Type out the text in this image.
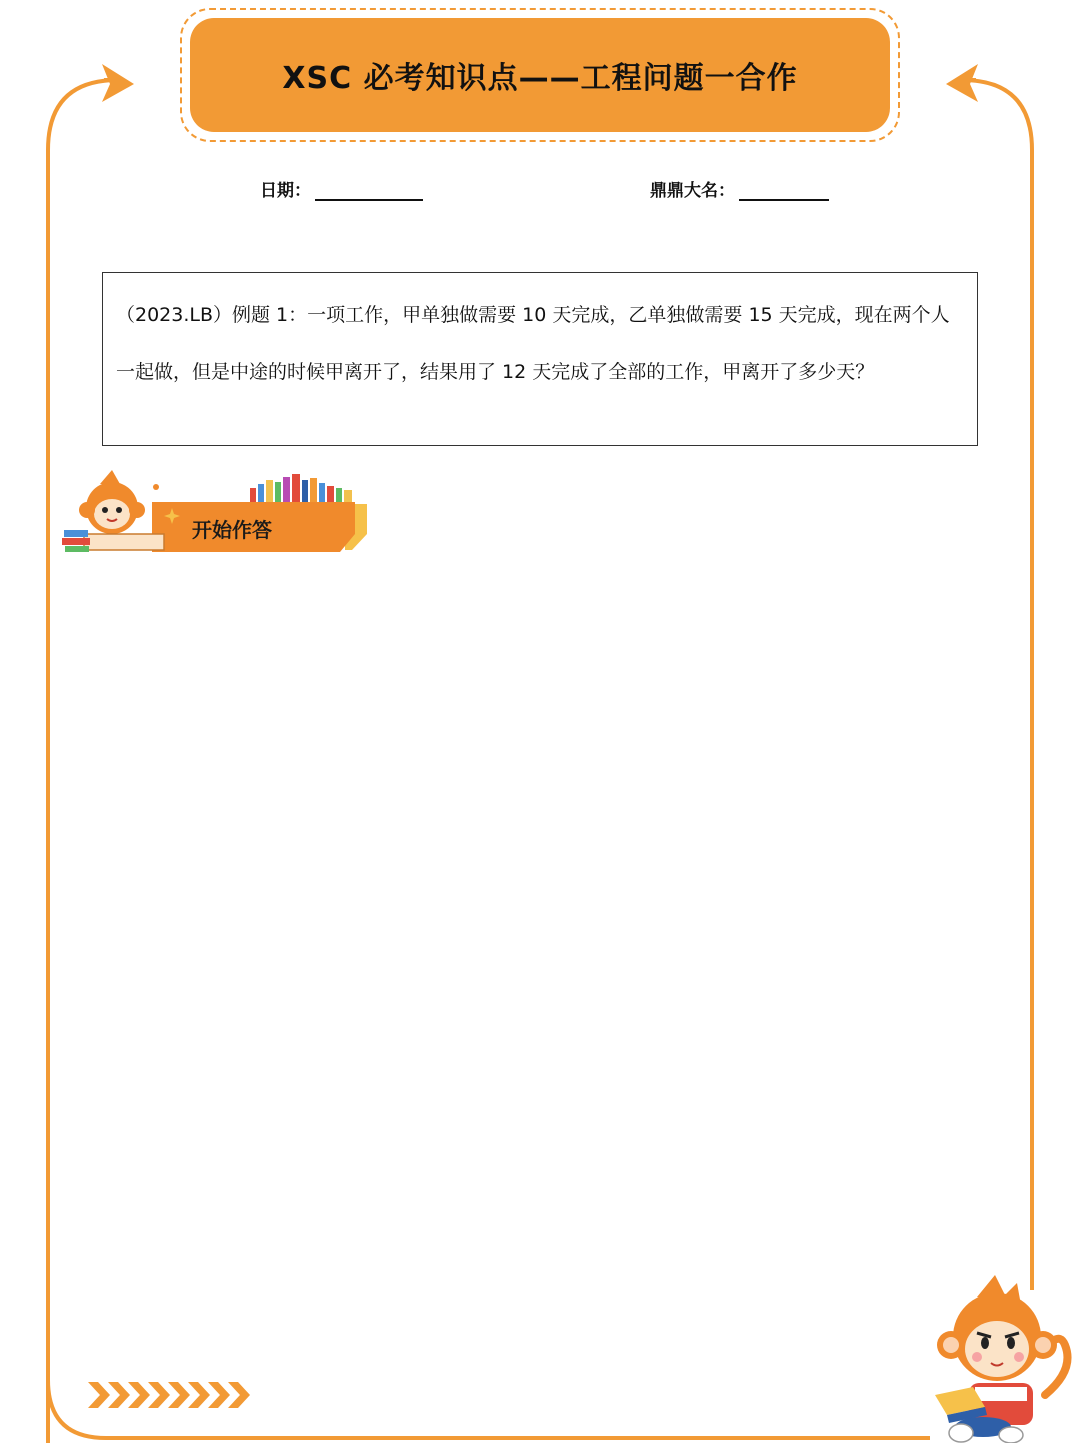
XSC 必考知识点——工程问题一合作
日期：	鼎鼎大名：
（2023.LB）例题 1：一项工作，甲单独做需要 10 天完成，乙单独做需要 15 天完成，现在两个人一起做，但是中途的时候甲离开了，结果用了 12 天完成了全部的工作，甲离开了多少天？
开始作答
